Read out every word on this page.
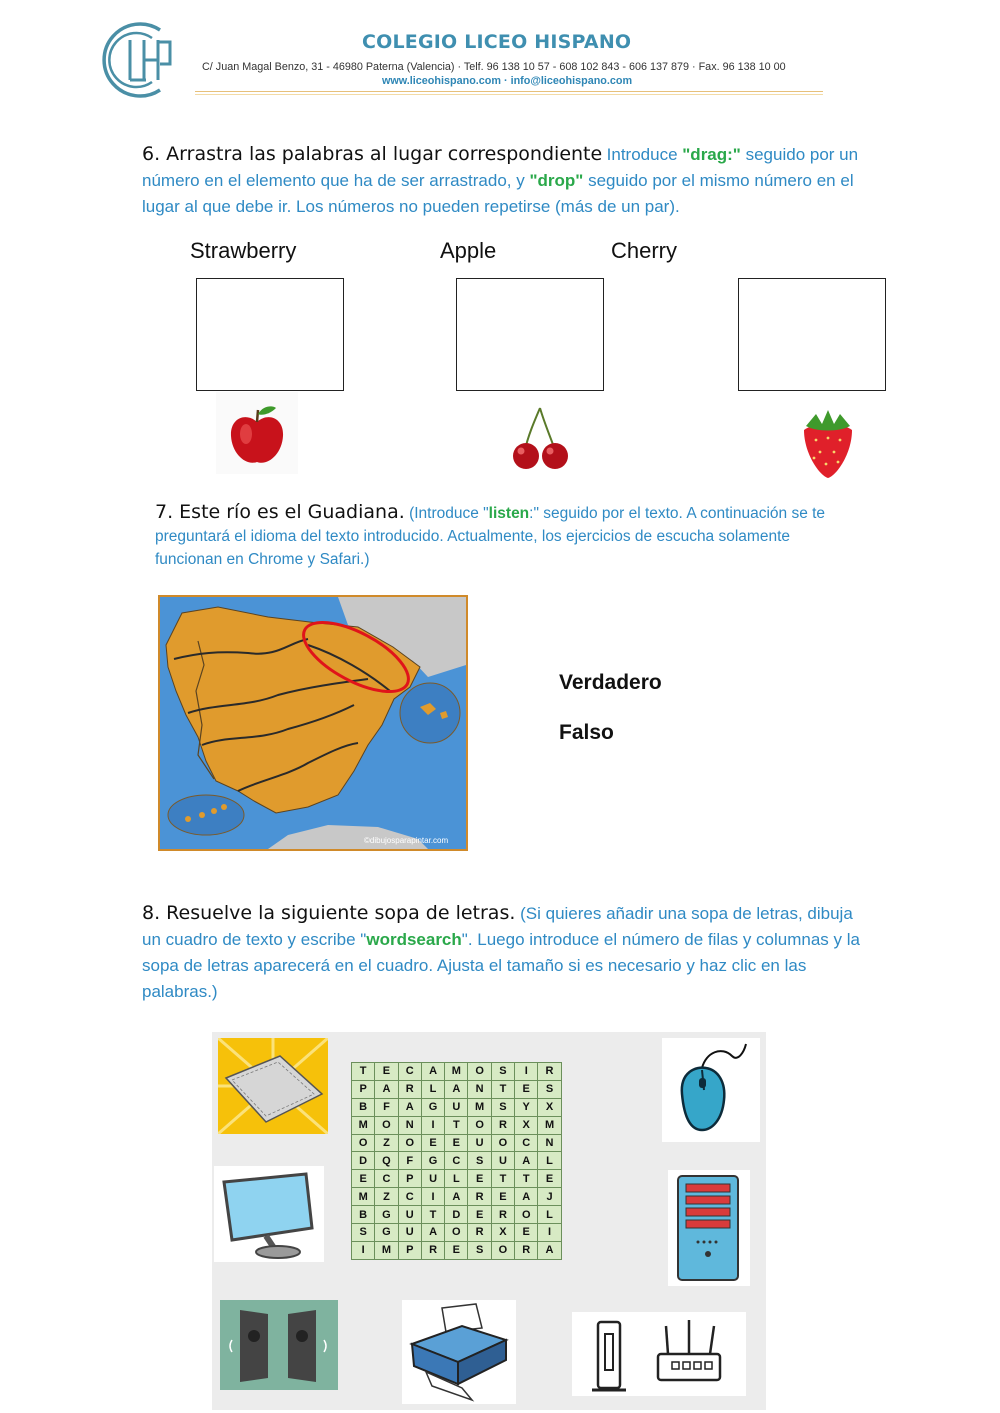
COLEGIO LICEO HISPANO
C/ Juan Magal Benzo, 31 - 46980 Paterna (Valencia) · Telf. 96 138 10 57 - 608 102 843 - 606 137 879 · Fax. 96 138 10 00
www.liceohispano.com · info@liceohispano.com
6. Arrastra las palabras al lugar correspondiente Introduce "drag:" seguido por un número en el elemento que ha de ser arrastrado, y "drop" seguido por el mismo número en el lugar al que debe ir. Los números no pueden repetirse (más de un par).
Strawberry	Apple	Cherry
7. Este río es el Guadiana. (Introduce "listen:" seguido por el texto. A continuación se te preguntará el idioma del texto introducido. Actualmente, los ejercicios de escucha solamente funcionan en Chrome y Safari.)
©dibujosparapintar.com
Verdadero
Falso
8. Resuelve la siguiente sopa de letras. (Si quieres añadir una sopa de letras, dibuja un cuadro de texto y escribe "wordsearch". Luego introduce el número de filas y columnas y la sopa de letras aparecerá en el cuadro. Ajusta el tamaño si es necesario y haz clic en las palabras.)
T	E	C	A	M	O	S	I	R
P	A	R	L	A	N	T	E	S
B	F	A	G	U	M	S	Y	X
M	O	N	I	T	O	R	X	M
O	Z	O	E	E	U	O	C	N
D	Q	F	G	C	S	U	A	L
E	C	P	U	L	E	T	T	E
M	Z	C	I	A	R	E	A	J
B	G	U	T	D	E	R	O	L
S	G	U	A	O	R	X	E	I
I	M	P	R	E	S	O	R	A
